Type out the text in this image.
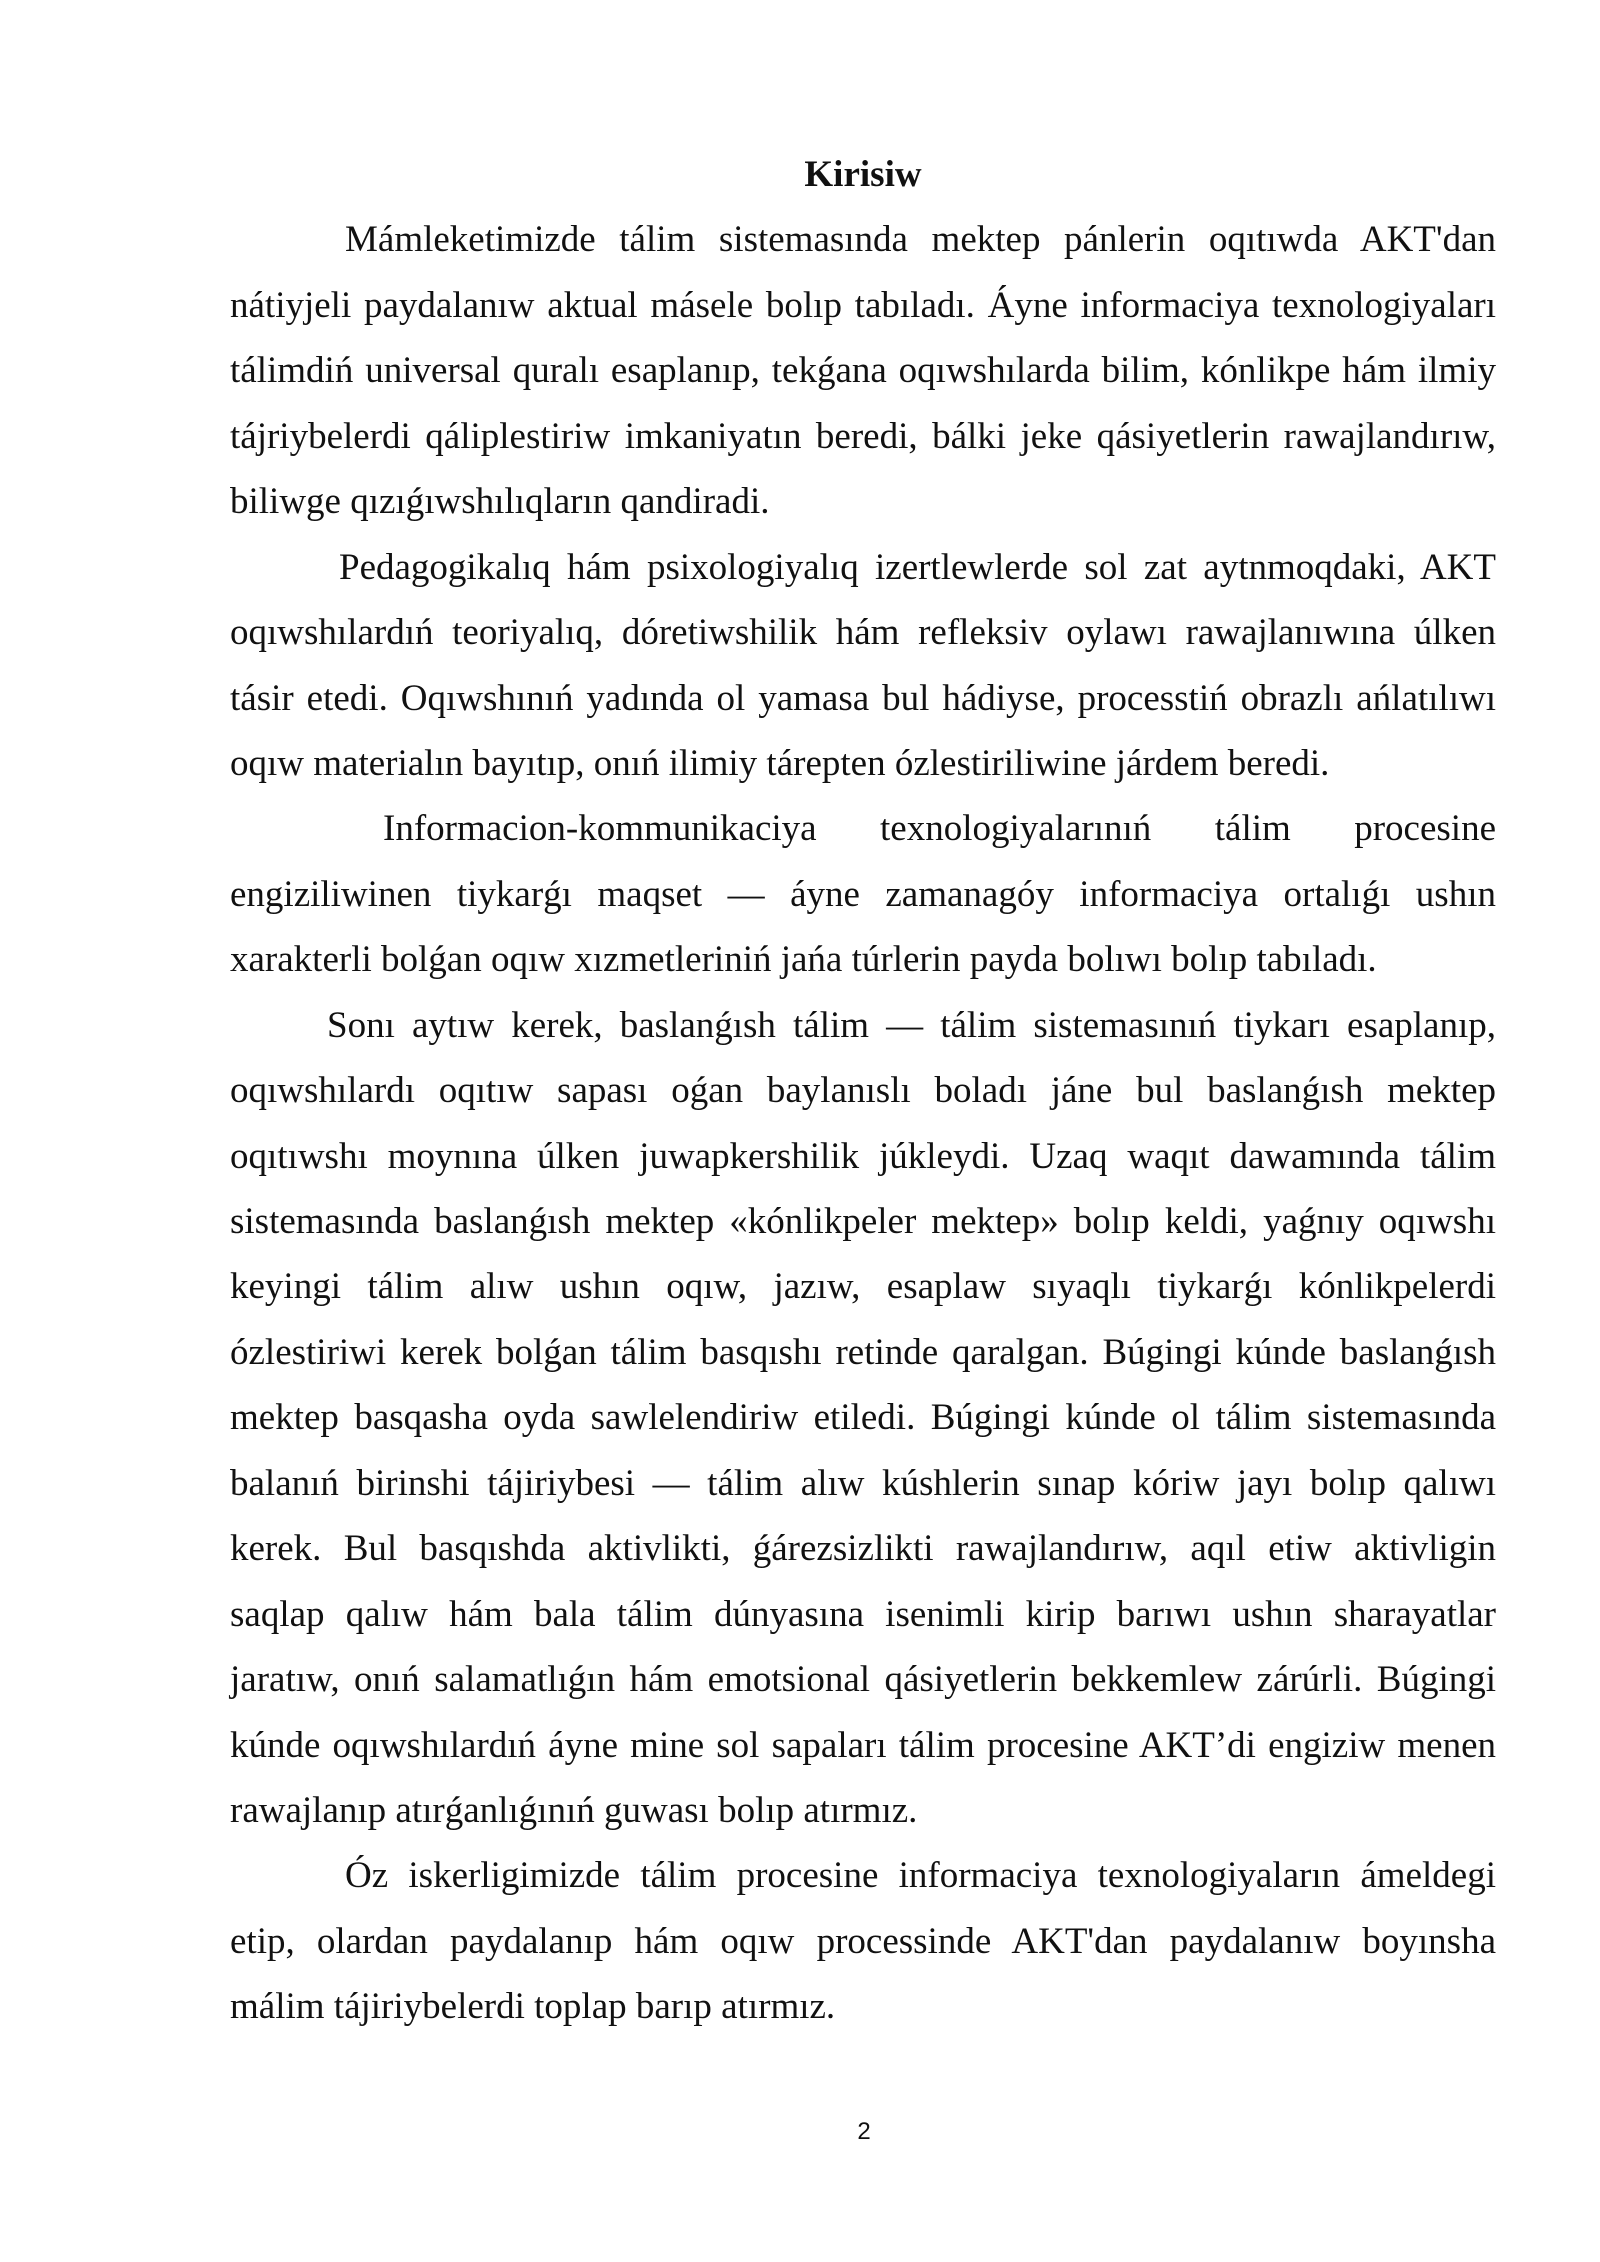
Kirisiw
Mámleketimizde tálim sistemasında mektep pánlerin oqıtıwda AKT'dan
nátiyjeli paydalanıw aktual másele bolıp tabıladı. Áyne informaciya texnologiyaları
tálimdiń universal quralı esaplanıp, tekǵana oqıwshılarda bilim, kónlikpe hám ilmiy
tájriybelerdi qáliplestiriw imkaniyatın beredi, bálki jeke qásiyetlerin rawajlandırıw,
biliwge qızıǵıwshılıqların qandiradi.
Pedagogikalıq hám psixologiyalıq izertlewlerde sol zat aytnmoqdaki, AKT
oqıwshılardıń teoriyalıq, dóretiwshilik hám refleksiv oylawı rawajlanıwına úlken
tásir etedi. Oqıwshınıń yadında ol yamasa bul hádiyse, processtiń obrazlı ańlatılıwı
oqıw materialın bayıtıp, onıń ilimiy tárepten ózlestiriliwine járdem beredi.
Informacion-kommunikaciya texnologiyalarınıń tálim procesine
engiziliwinen tiykarǵı maqset — áyne zamanagóy informaciya ortalıǵı ushın
xarakterli bolǵan oqıw xızmetleriniń jańa túrlerin payda bolıwı bolıp tabıladı.
Sonı aytıw kerek, baslanǵısh tálim — tálim sistemasınıń tiykarı esaplanıp,
oqıwshılardı oqıtıw sapası oǵan baylanıslı boladı jáne bul baslanǵısh mektep
oqıtıwshı moynına úlken juwapkershilik júkleydi. Uzaq waqıt dawamında tálim
sistemasında baslanǵısh mektep «kónlikpeler mektep» bolıp keldi, yaǵnıy oqıwshı
keyingi tálim alıw ushın oqıw, jazıw, esaplaw sıyaqlı tiykarǵı kónlikpelerdi
ózlestiriwi kerek bolǵan tálim basqıshı retinde qaralgan. Búgingi kúnde baslanǵısh
mektep basqasha oyda sawlelendiriw etiledi. Búgingi kúnde ol tálim sistemasında
balanıń birinshi tájiriybesi — tálim alıw kúshlerin sınap kóriw jayı bolıp qalıwı
kerek. Bul basqıshda aktivlikti, ǵárezsizlikti rawajlandırıw, aqıl etiw aktivligin
saqlap qalıw hám bala tálim dúnyasına isenimli kirip barıwı ushın sharayatlar
jaratıw, onıń salamatlıǵın hám emotsional qásiyetlerin bekkemlew zárúrli. Búgingi
kúnde oqıwshılardıń áyne mine sol sapaları tálim procesine AKT’di engiziw menen
rawajlanıp atırǵanlıǵınıń guwası bolıp atırmız.
Óz iskerligimizde tálim procesine informaciya texnologiyaların ámeldegi
etip, olardan paydalanıp hám oqıw processinde AKT'dan paydalanıw boyınsha
málim tájiriybelerdi toplap barıp atırmız.
2
